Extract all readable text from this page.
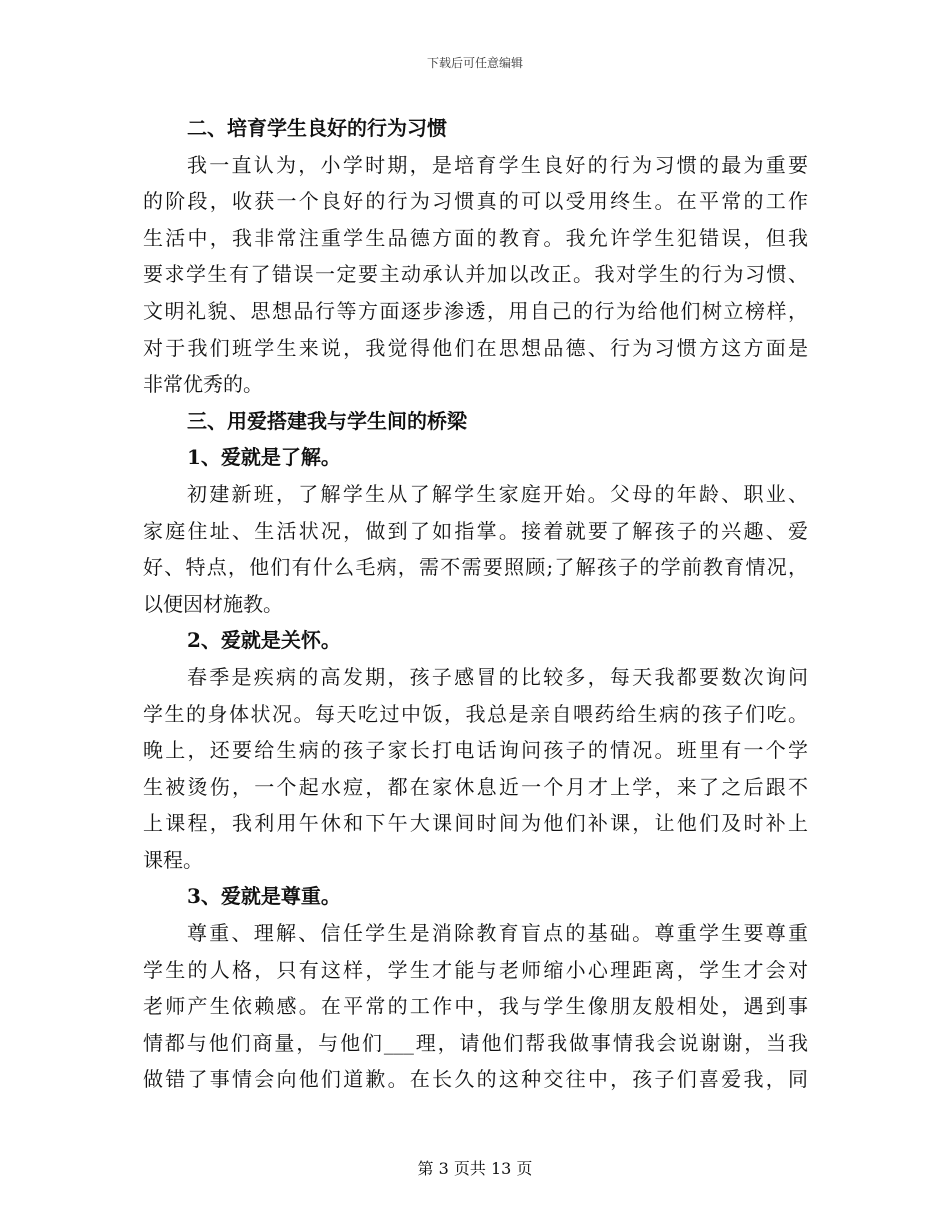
下载后可任意编辑
二、培育学生良好的行为习惯
我一直认为，小学时期，是培育学生良好的行为习惯的最为重要
的阶段，收获一个良好的行为习惯真的可以受用终生。在平常的工作
生活中，我非常注重学生品德方面的教育。我允许学生犯错误，但我
要求学生有了错误一定要主动承认并加以改正。我对学生的行为习惯、
文明礼貌、思想品行等方面逐步渗透，用自己的行为给他们树立榜样，
对于我们班学生来说，我觉得他们在思想品德、行为习惯方这方面是
非常优秀的。
三、用爱搭建我与学生间的桥梁
1、爱就是了解。
初建新班，了解学生从了解学生家庭开始。父母的年龄、职业、
家庭住址、生活状况，做到了如指掌。接着就要了解孩子的兴趣、爱
好、特点，他们有什么毛病，需不需要照顾;了解孩子的学前教育情况，
以便因材施教。
2、爱就是关怀。
春季是疾病的高发期，孩子感冒的比较多，每天我都要数次询问
学生的身体状况。每天吃过中饭，我总是亲自喂药给生病的孩子们吃。
晚上，还要给生病的孩子家长打电话询问孩子的情况。班里有一个学
生被烫伤，一个起水痘，都在家休息近一个月才上学，来了之后跟不
上课程，我利用午休和下午大课间时间为他们补课，让他们及时补上
课程。
3、爱就是尊重。
尊重、理解、信任学生是消除教育盲点的基础。尊重学生要尊重
学生的人格，只有这样，学生才能与老师缩小心理距离，学生才会对
老师产生依赖感。在平常的工作中，我与学生像朋友般相处，遇到事
情都与他们商量，与他们___理，请他们帮我做事情我会说谢谢，当我
做错了事情会向他们道歉。在长久的这种交往中，孩子们喜爱我，同
第 3 页共 13 页
